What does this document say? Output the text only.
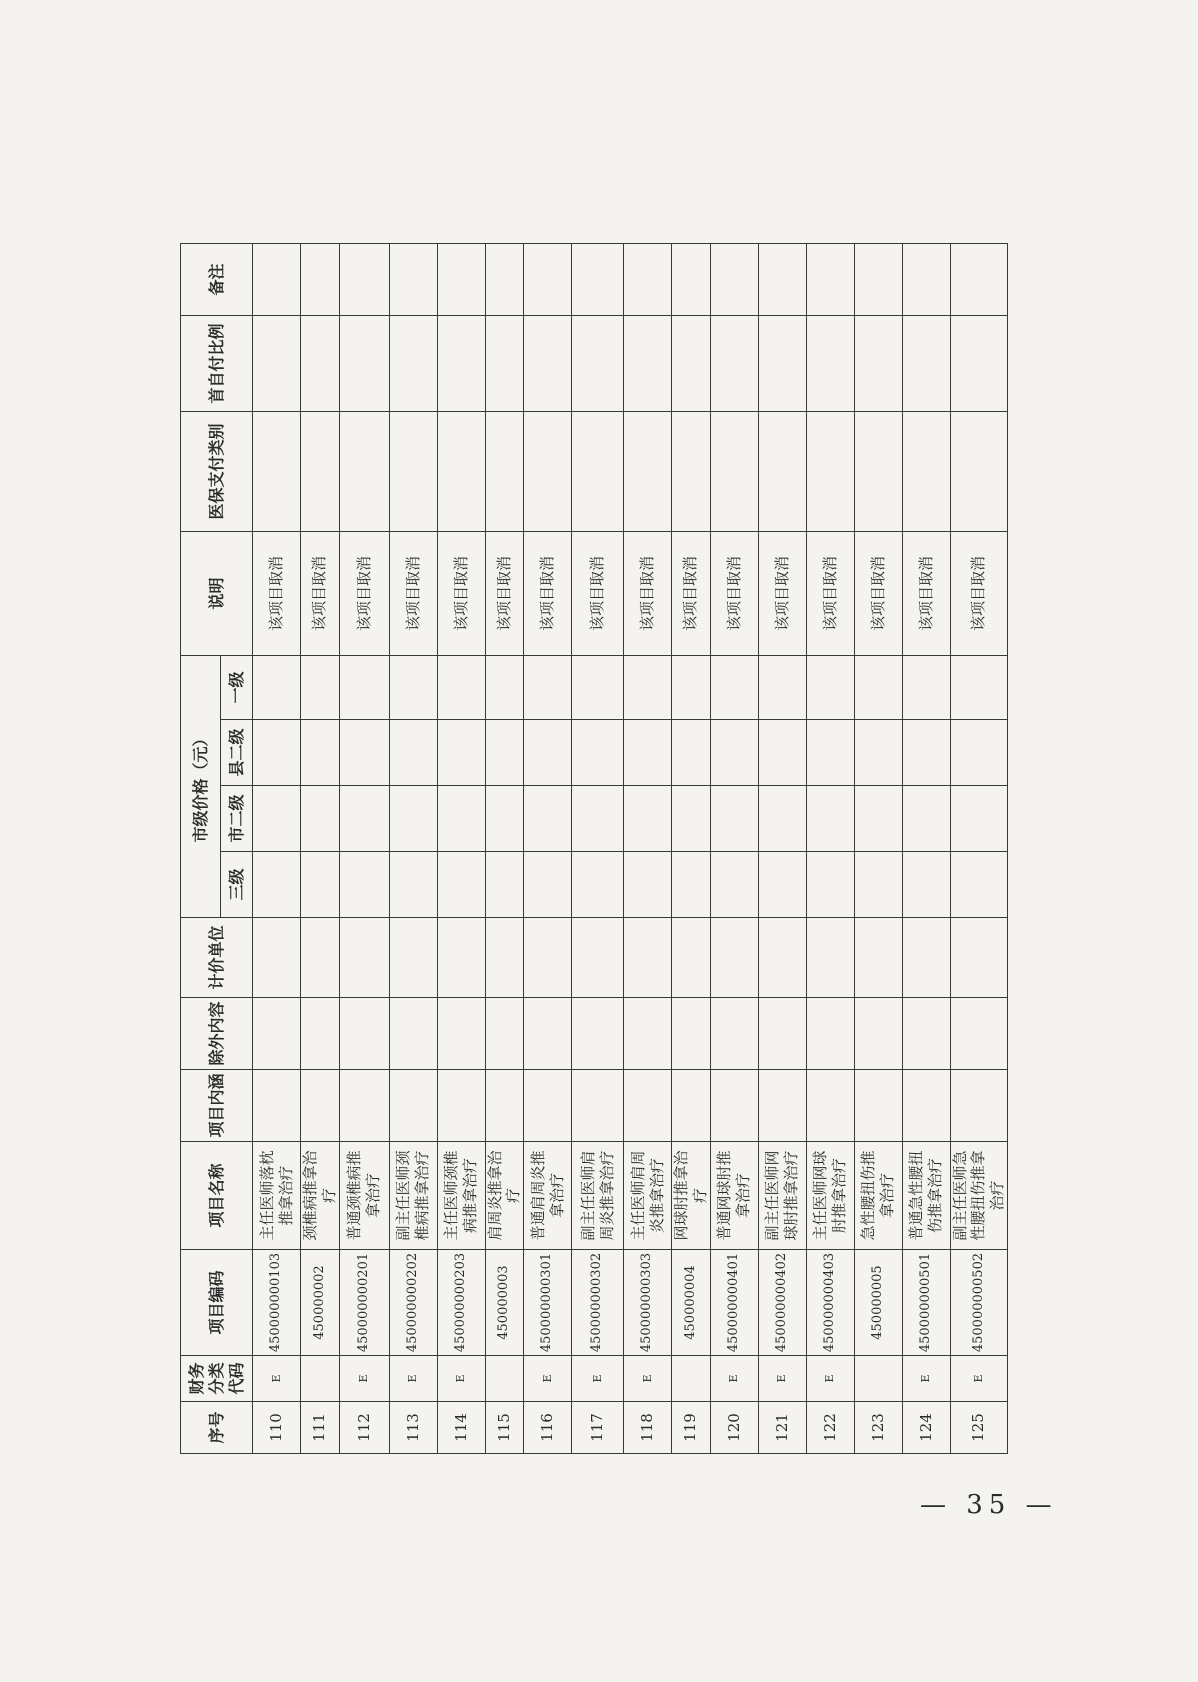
序号	财务分类代码	项目编码	项目名称	项目内涵	除外内容	计价单位	市级价格（元）				说明	医保支付类别	首自付比例	备注
							三级	市二级	县二级	一级				
110	E	450000000103	主任医师落枕推拿治疗								该项目取消			
111		450000002	颈椎病推拿治疗								该项目取消			
112	E	450000000201	普通颈椎病推拿治疗								该项目取消			
113	E	450000000202	副主任医师颈椎病推拿治疗								该项目取消			
114	E	450000000203	主任医师颈椎病推拿治疗								该项目取消			
115		450000003	肩周炎推拿治疗								该项目取消			
116	E	450000000301	普通肩周炎推拿治疗								该项目取消			
117	E	450000000302	副主任医师肩周炎推拿治疗								该项目取消			
118	E	450000000303	主任医师肩周炎推拿治疗								该项目取消			
119		450000004	网球肘推拿治疗								该项目取消			
120	E	450000000401	普通网球肘推拿治疗								该项目取消			
121	E	450000000402	副主任医师网球肘推拿治疗								该项目取消			
122	E	450000000403	主任医师网球肘推拿治疗								该项目取消			
123		450000005	急性腰扭伤推拿治疗								该项目取消			
124	E	450000000501	普通急性腰扭伤推拿治疗								该项目取消			
125	E	450000000502	副主任医师急性腰扭伤推拿治疗								该项目取消			
— 35 —
